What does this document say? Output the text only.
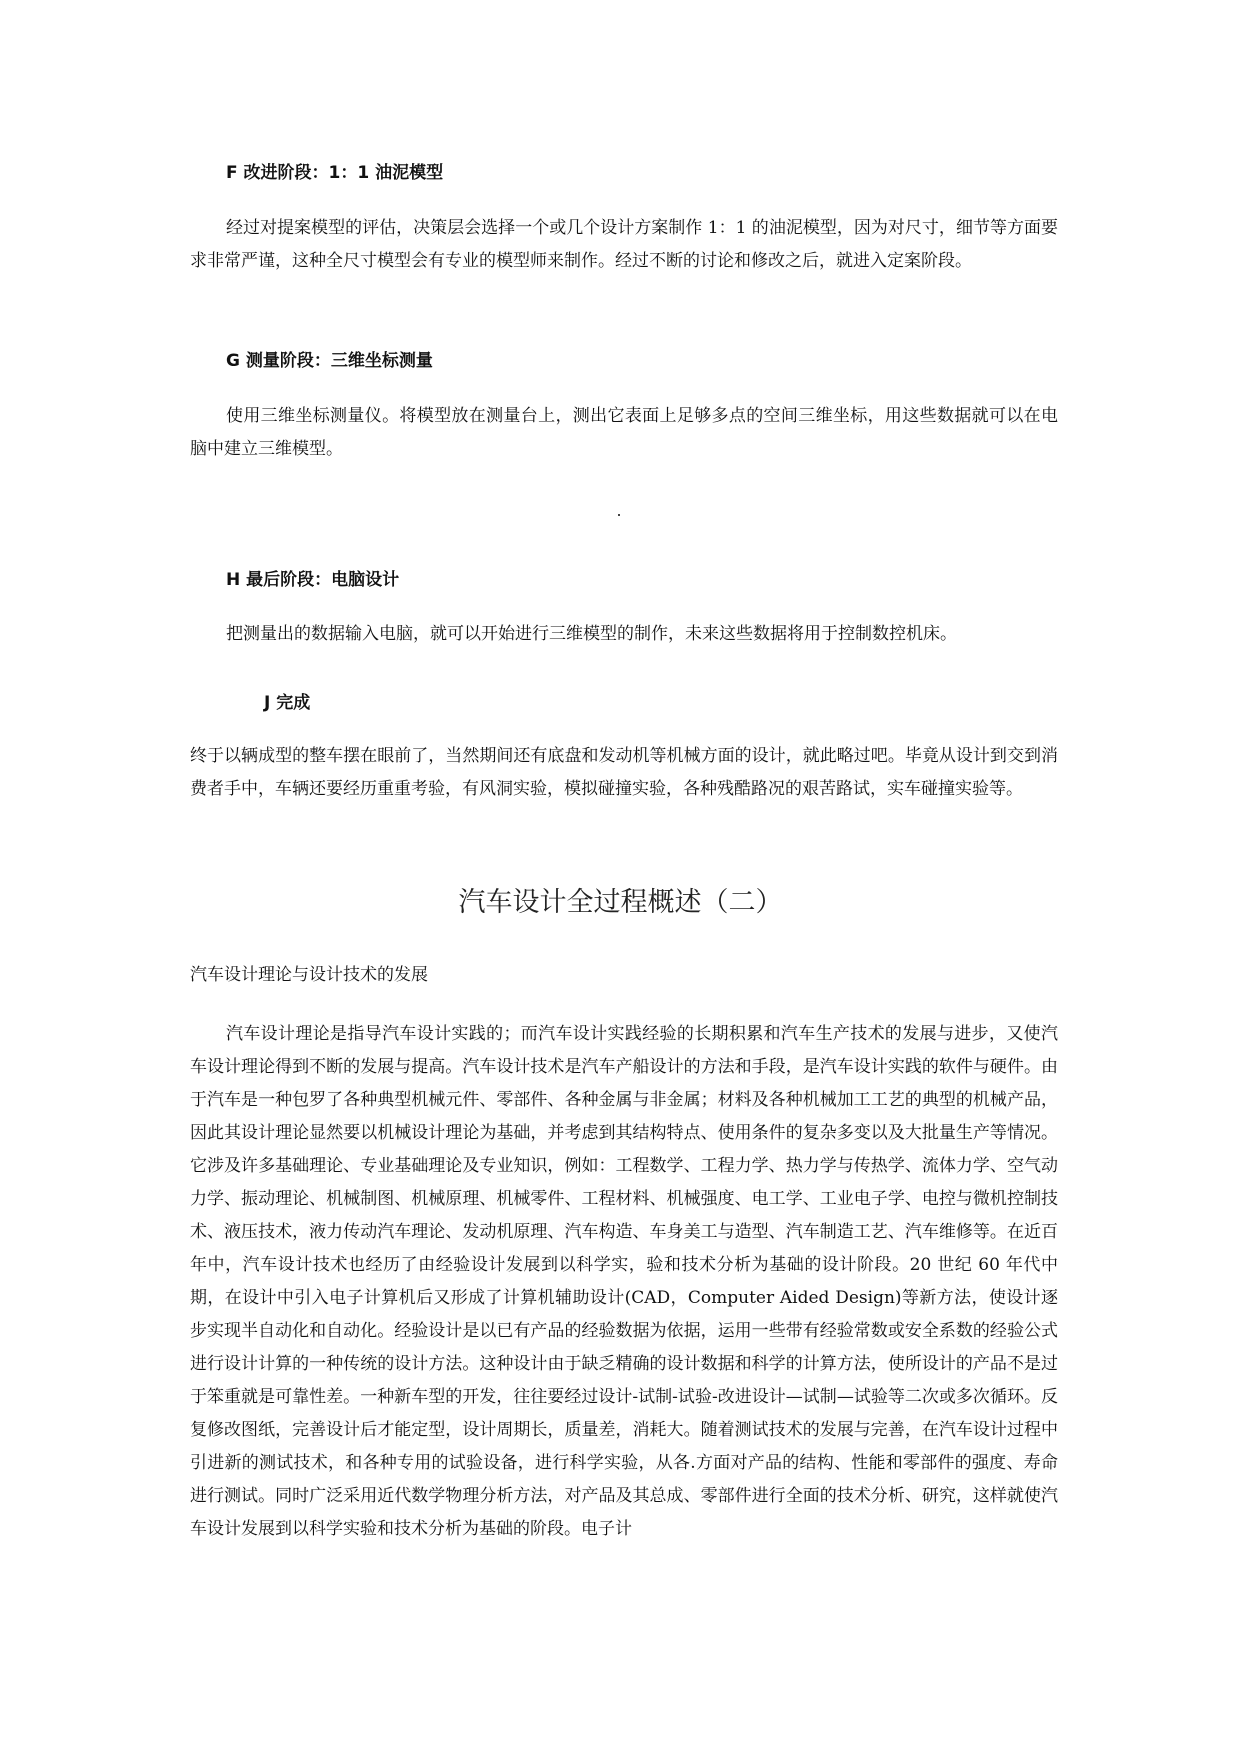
F 改进阶段：1：1 油泥模型

经过对提案模型的评估，决策层会选择一个或几个设计方案制作 1：1 的油泥模型，因为对尺寸，细节等方面要求非常严谨，这种全尺寸模型会有专业的模型师来制作。经过不断的讨论和修改之后，就进入定案阶段。

G 测量阶段：三维坐标测量

使用三维坐标测量仪。将模型放在测量台上，测出它表面上足够多点的空间三维坐标，用这些数据就可以在电脑中建立三维模型。

H 最后阶段：电脑设计

把测量出的数据输入电脑，就可以开始进行三维模型的制作，未来这些数据将用于控制数控机床。

J 完成

终于以辆成型的整车摆在眼前了，当然期间还有底盘和发动机等机械方面的设计，就此略过吧。毕竟从设计到交到消费者手中，车辆还要经历重重考验，有风洞实验，模拟碰撞实验，各种残酷路况的艰苦路试，实车碰撞实验等。

汽车设计全过程概述（二）
汽车设计理论与设计技术的发展

汽车设计理论是指导汽车设计实践的；而汽车设计实践经验的长期积累和汽车生产技术的发展与进步，又使汽车设计理论得到不断的发展与提高。汽车设计技术是汽车产船设计的方法和手段，是汽车设计实践的软件与硬件。由于汽车是一种包罗了各种典型机械元件、零部件、各种金属与非金属；材料及各种机械加工工艺的典型的机械产品，因此其设计理论显然要以机械设计理论为基础，并考虑到其结构特点、使用条件的复杂多变以及大批量生产等情况。它涉及许多基础理论、专业基础理论及专业知识，例如：工程数学、工程力学、热力学与传热学、流体力学、空气动力学、振动理论、机械制图、机械原理、机械零件、工程材料、机械强度、电工学、工业电子学、电控与微机控制技术、液压技术，液力传动汽车理论、发动机原理、汽车构造、车身美工与造型、汽车制造工艺、汽车维修等。在近百年中，汽车设计技术也经历了由经验设计发展到以科学实，验和技术分析为基础的设计阶段。20 世纪 60 年代中期，在设计中引入电子计算机后又形成了计算机辅助设计(CAD，Computer Aided Design)等新方法，使设计逐步实现半自动化和自动化。经验设计是以已有产品的经验数据为依据，运用一些带有经验常数或安全系数的经验公式进行设计计算的一种传统的设计方法。这种设计由于缺乏精确的设计数据和科学的计算方法，使所设计的产品不是过于笨重就是可靠性差。一种新车型的开发，往往要经过设计-试制-试验-改进设计—试制—试验等二次或多次循环。反复修改图纸，完善设计后才能定型，设计周期长，质量差，消耗大。随着测试技术的发展与完善，在汽车设计过程中引进新的测试技术，和各种专用的试验设备，进行科学实验，从各.方面对产品的结构、性能和零部件的强度、寿命进行测试。同时广泛采用近代数学物理分析方法，对产品及其总成、零部件进行全面的技术分析、研究，这样就使汽车设计发展到以科学实验和技术分析为基础的阶段。电子计
